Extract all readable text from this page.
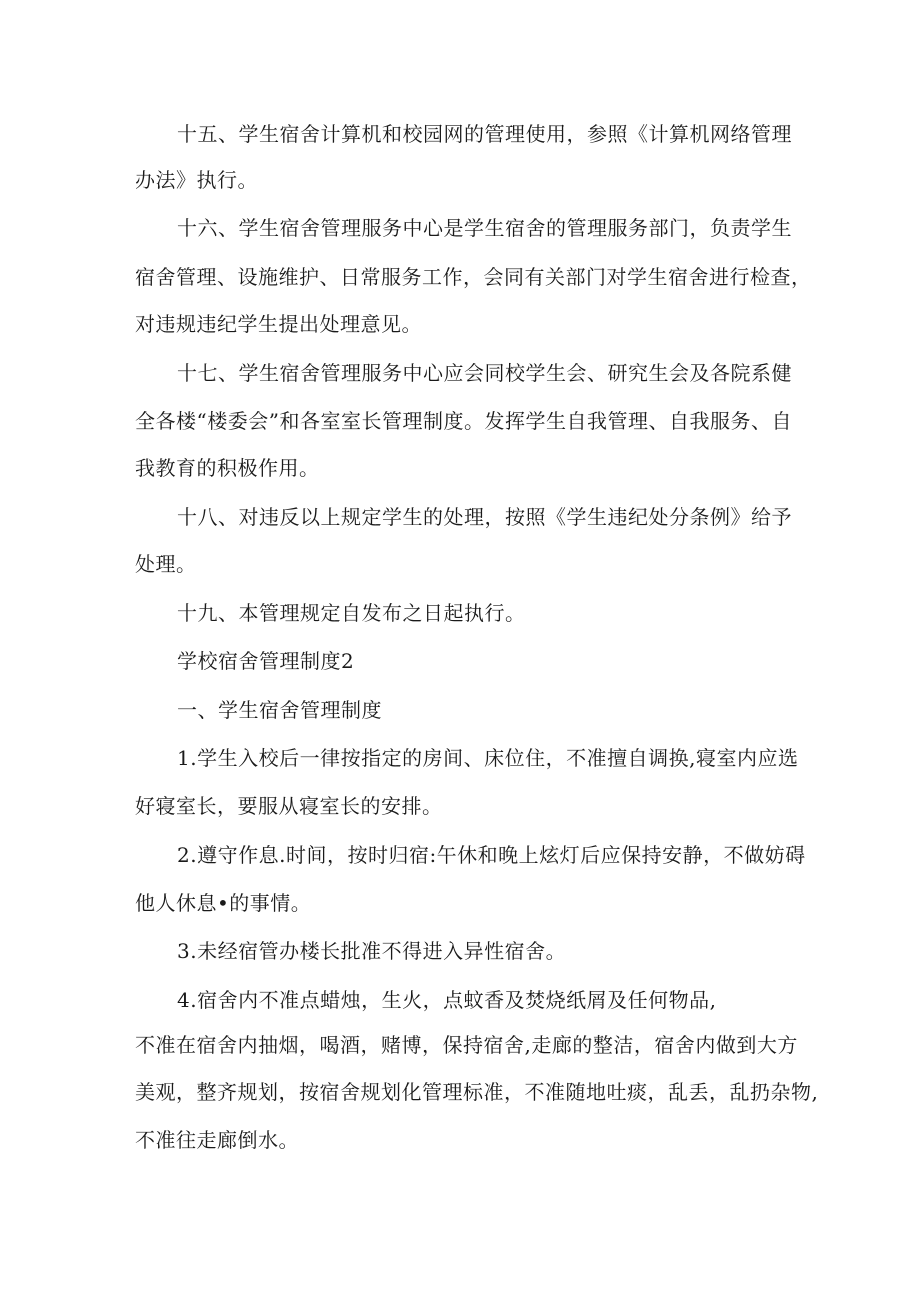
十五、学生宿舍计算机和校园网的管理使用，参照《计算机网络管理
办法》执行。
十六、学生宿舍管理服务中心是学生宿舍的管理服务部门，负责学生
宿舍管理、设施维护、日常服务工作，会同有关部门对学生宿舍进行检查，
对违规违纪学生提出处理意见。
十七、学生宿舍管理服务中心应会同校学生会、研究生会及各院系健
全各楼“楼委会”和各室室长管理制度。发挥学生自我管理、自我服务、自
我教育的积极作用。
十八、对违反以上规定学生的处理，按照《学生违纪处分条例》给予
处理。
十九、本管理规定自发布之日起执行。
学校宿舍管理制度2
一、学生宿舍管理制度
1.学生入校后一律按指定的房间、床位住，不准擅自调换,寝室内应选
好寝室长，要服从寝室长的安排。
2.遵守作息.时间，按时归宿:午休和晚上炫灯后应保持安静，不做妨碍
他人休息•的事情。
3.未经宿管办楼长批准不得进入异性宿舍。
4.宿舍内不准点蜡烛，生火，点蚊香及焚烧纸屑及任何物品,
不准在宿舍内抽烟，喝酒，赌博，保持宿舍,走廊的整洁，宿舍内做到大方
美观，整齐规划，按宿舍规划化管理标准，不准随地吐痰，乱丢，乱扔杂物,
不准往走廊倒水。
